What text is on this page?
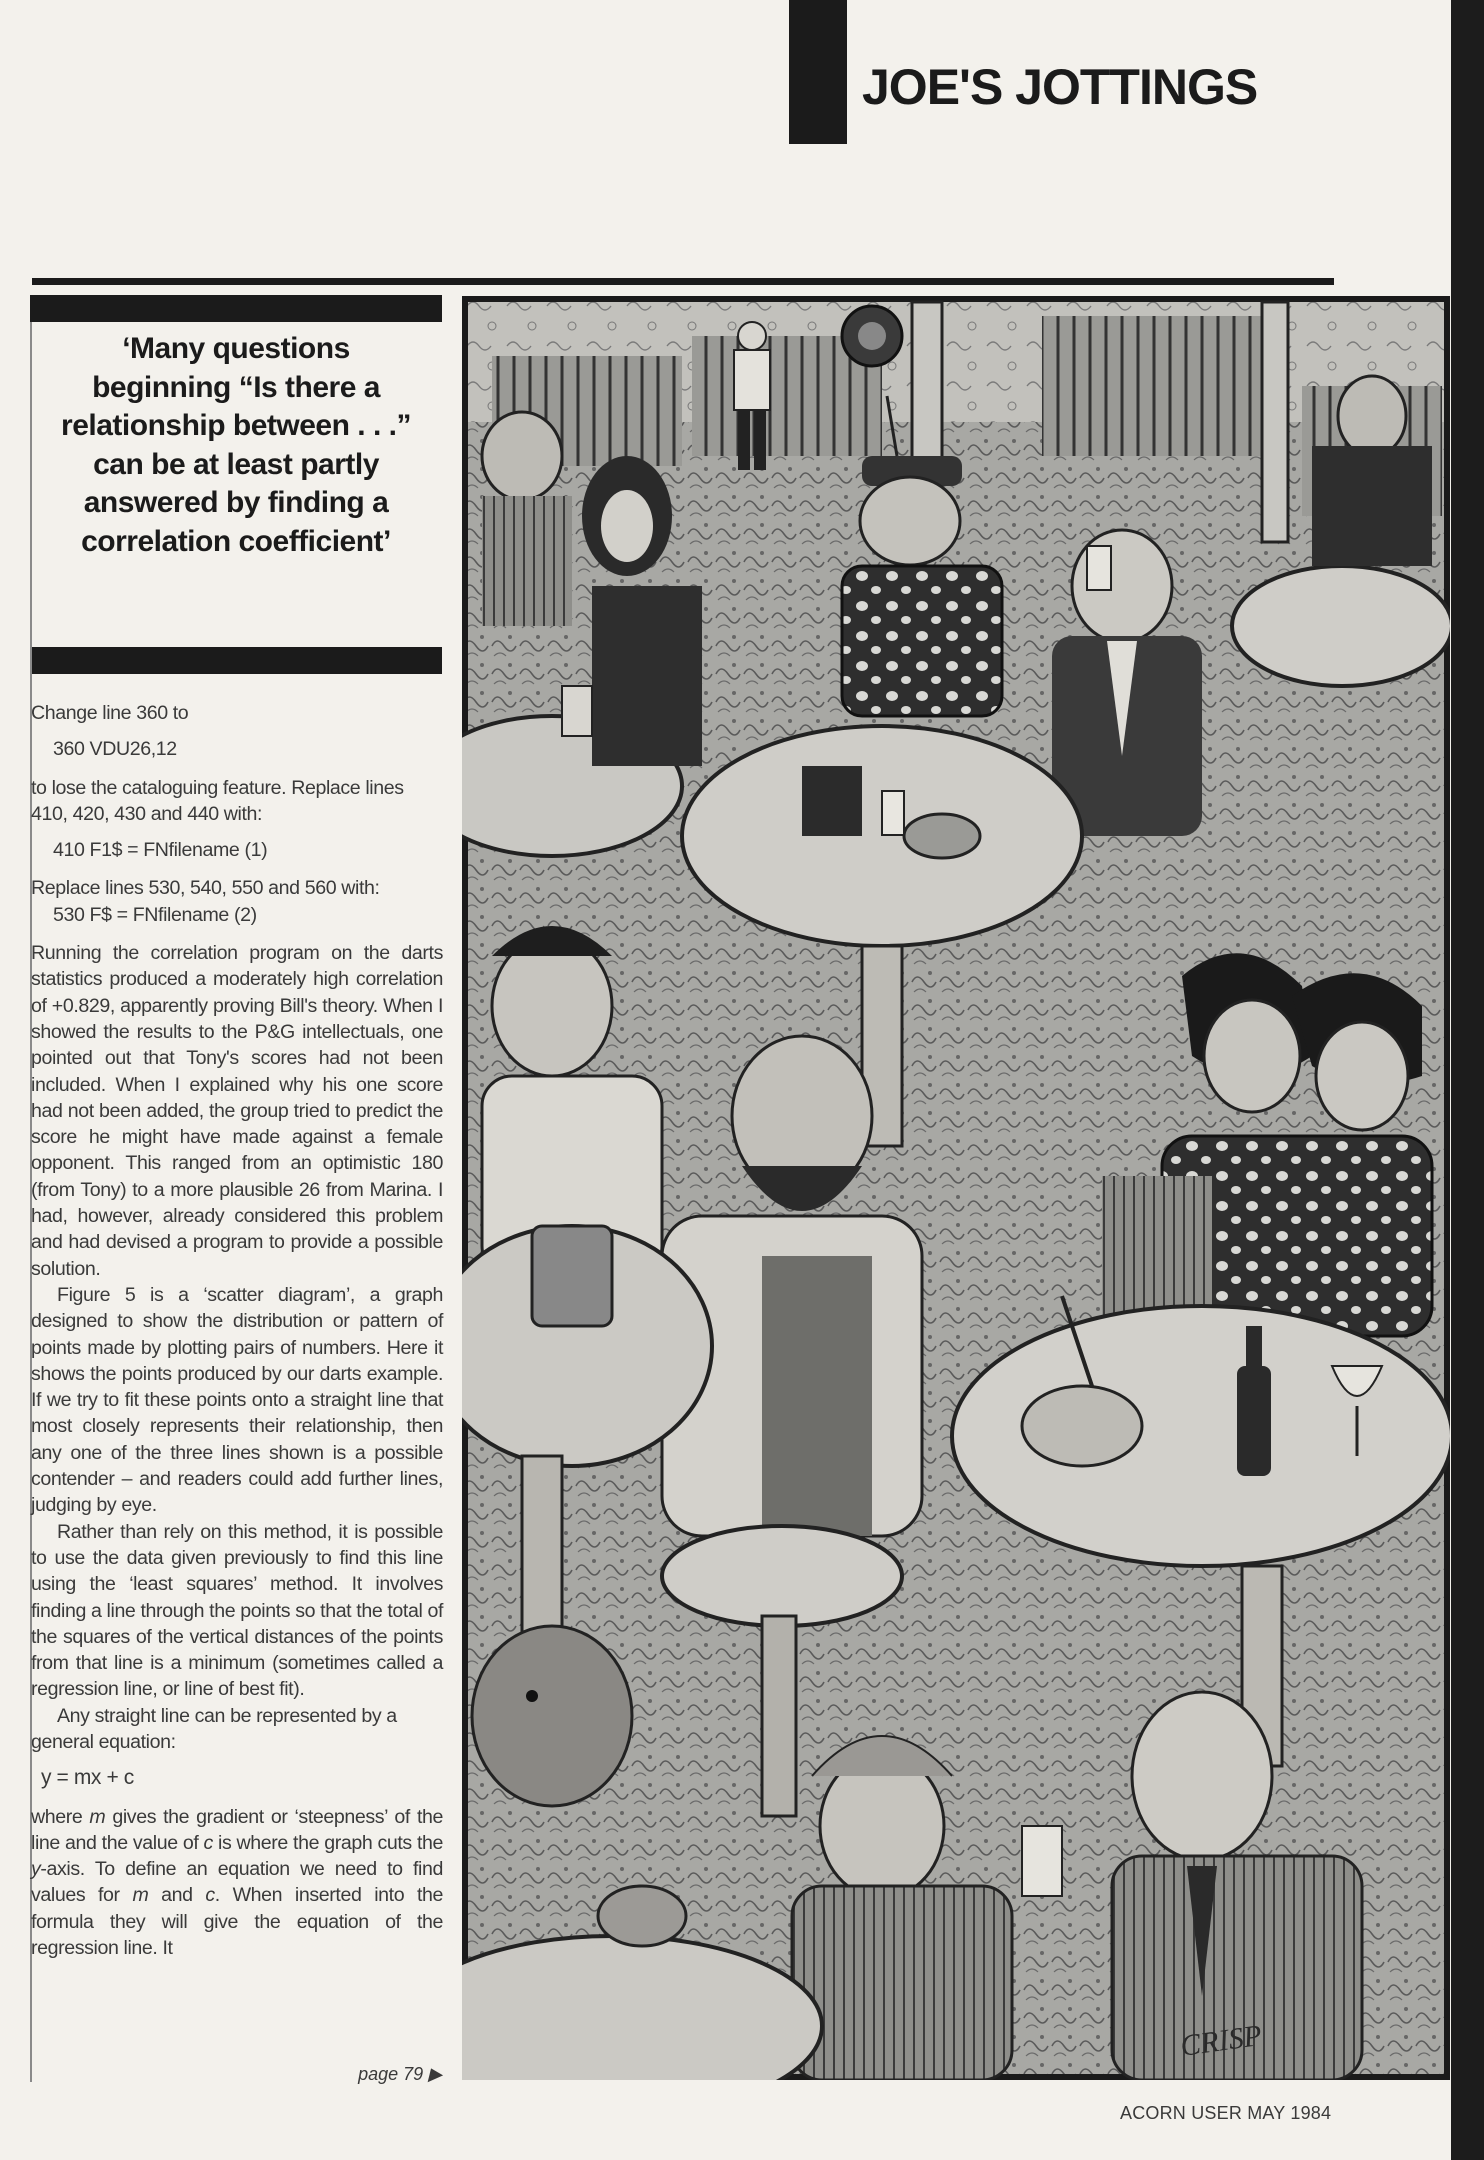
JOE'S JOTTINGS
‘Many questions beginning “Is there a relationship between . . .” can be at least partly answered by finding a correlation coefficient’

Change line 360 to

360 VDU26,12

to lose the cataloguing feature. Replace lines 410, 420, 430 and 440 with:

410 F1$ = FNfilename (1)

Replace lines 530, 540, 550 and 560 with:

530 F$ = FNfilename (2)

Running the correlation program on the darts statistics produced a moderately high correlation of +0.829, apparently proving Bill's theory. When I showed the results to the P&G intellectuals, one pointed out that Tony's scores had not been included. When I explained why his one score had not been added, the group tried to predict the score he might have made against a female opponent. This ranged from an optimistic 180 (from Tony) to a more plausible 26 from Marina. I had, however, already considered this problem and had devised a program to provide a possible solution.

Figure 5 is a ‘scatter diagram’, a graph designed to show the distribution or pattern of points made by plotting pairs of numbers. Here it shows the points produced by our darts example. If we try to fit these points onto a straight line that most closely represents their relationship, then any one of the three lines shown is a possible contender – and readers could add further lines, judging by eye.

Rather than rely on this method, it is possible to use the data given previously to find this line using the ‘least squares’ method. It involves finding a line through the points so that the total of the squares of the vertical distances of the points from that line is a minimum (sometimes called a regression line, or line of best fit).

Any straight line can be represented by a general equation:

y = mx + c

where m gives the gradient or ‘steepness’ of the line and the value of c is where the graph cuts the y-axis. To define an equation we need to find values for m and c. When inserted into the formula they will give the equation of the regression line. It

page 79 ▶
ACORN USER MAY 1984
CRISP
